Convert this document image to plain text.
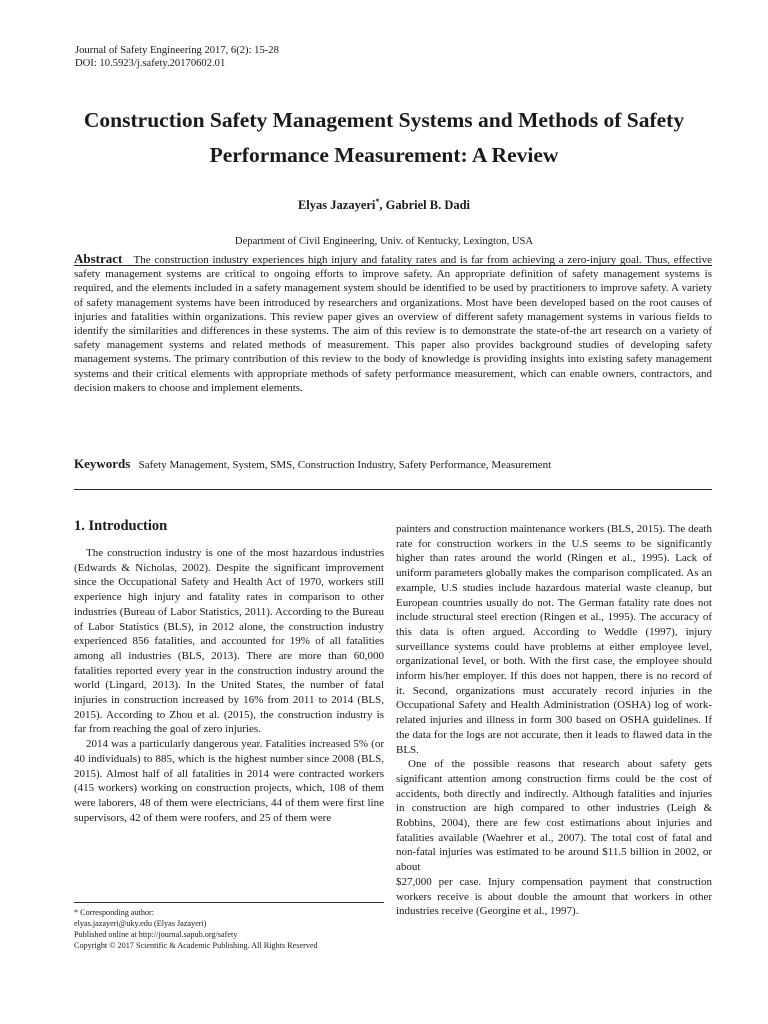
Journal of Safety Engineering 2017, 6(2): 15-28
DOI: 10.5923/j.safety.20170602.01
Construction Safety Management Systems and Methods of Safety Performance Measurement: A Review
Elyas Jazayeri*, Gabriel B. Dadi
Department of Civil Engineering, Univ. of Kentucky, Lexington, USA
Abstract The construction industry experiences high injury and fatality rates and is far from achieving a zero-injury goal. Thus, effective safety management systems are critical to ongoing efforts to improve safety. An appropriate definition of safety management systems is required, and the elements included in a safety management system should be identified to be used by practitioners to improve safety. A variety of safety management systems have been introduced by researchers and organizations. Most have been developed based on the root causes of injuries and fatalities within organizations. This review paper gives an overview of different safety management systems in various fields to identify the similarities and differences in these systems. The aim of this review is to demonstrate the state-of-the art research on a variety of safety management systems and related methods of measurement. This paper also provides background studies of developing safety management systems. The primary contribution of this review to the body of knowledge is providing insights into existing safety management systems and their critical elements with appropriate methods of safety performance measurement, which can enable owners, contractors, and decision makers to choose and implement elements.
Keywords Safety Management, System, SMS, Construction Industry, Safety Performance, Measurement
1. Introduction

The construction industry is one of the most hazardous industries (Edwards & Nicholas, 2002). Despite the significant improvement since the Occupational Safety and Health Act of 1970, workers still experience high injury and fatality rates in comparison to other industries (Bureau of Labor Statistics, 2011). According to the Bureau of Labor Statistics (BLS), in 2012 alone, the construction industry experienced 856 fatalities, and accounted for 19% of all fatalities among all industries (BLS, 2013). There are more than 60,000 fatalities reported every year in the construction industry around the world (Lingard, 2013). In the United States, the number of fatal injuries in construction increased by 16% from 2011 to 2014 (BLS, 2015). According to Zhou et al. (2015), the construction industry is far from reaching the goal of zero injuries.

2014 was a particularly dangerous year. Fatalities increased 5% (or 40 individuals) to 885, which is the highest number since 2008 (BLS, 2015). Almost half of all fatalities in 2014 were contracted workers (415 workers) working on construction projects, which, 108 of them were laborers, 48 of them were electricians, 44 of them were first line supervisors, 42 of them were roofers, and 25 of them were

painters and construction maintenance workers (BLS, 2015). The death rate for construction workers in the U.S seems to be significantly higher than rates around the world (Ringen et al., 1995). Lack of uniform parameters globally makes the comparison complicated. As an example, U.S studies include hazardous material waste cleanup, but European countries usually do not. The German fatality rate does not include structural steel erection (Ringen et al., 1995). The accuracy of this data is often argued. According to Weddle (1997), injury surveillance systems could have problems at either employee level, organizational level, or both. With the first case, the employee should inform his/her employer. If this does not happen, there is no record of it. Second, organizations must accurately record injuries in the Occupational Safety and Health Administration (OSHA) log of work-related injuries and illness in form 300 based on OSHA guidelines. If the data for the logs are not accurate, then it leads to flawed data in the BLS.

One of the possible reasons that research about safety gets significant attention among construction firms could be the cost of accidents, both directly and indirectly. Although fatalities and injuries in construction are high compared to other industries (Leigh & Robbins, 2004), there are few cost estimations about injuries and fatalities available (Waehrer et al., 2007). The total cost of fatal and non-fatal injuries was estimated to be around $11.5 billion in 2002, or about

$27,000 per case. Injury compensation payment that construction workers receive is about double the amount that workers in other industries receive (Georgine et al., 1997).

* Corresponding author:
elyas.jazayeri@uky.edu (Elyas Jazayeri)
Published online at http://journal.sapub.org/safety
Copyright © 2017 Scientific & Academic Publishing. All Rights Reserved
